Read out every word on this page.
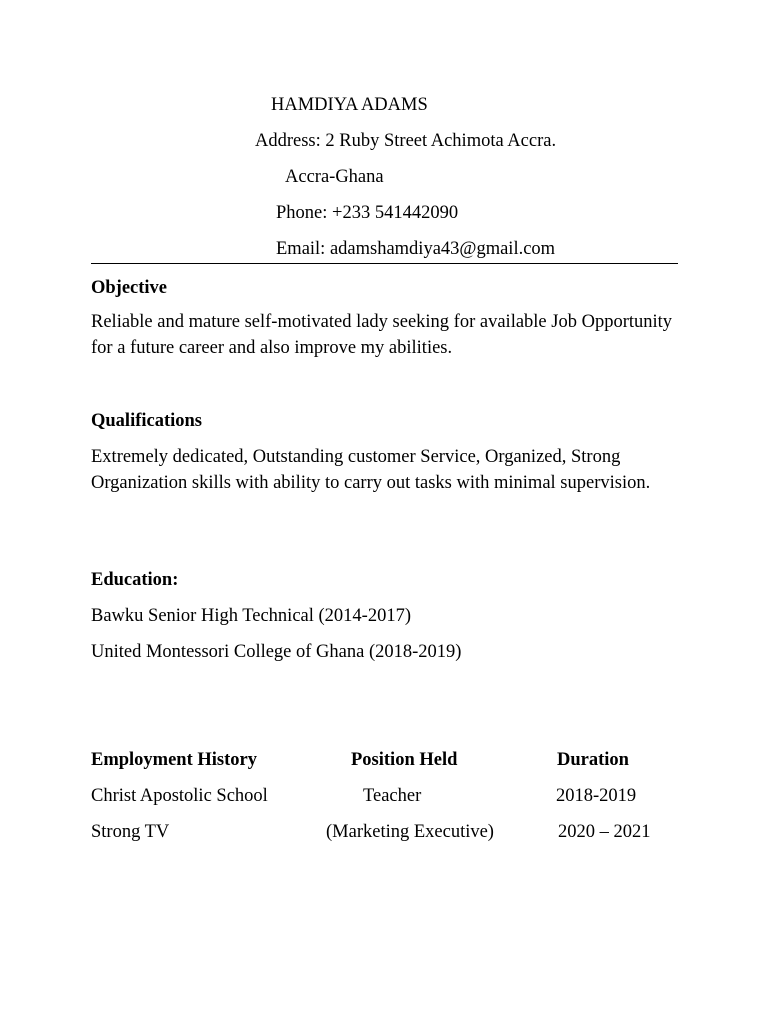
HAMDIYA ADAMS
Address: 2 Ruby Street Achimota Accra.
Accra-Ghana
Phone: +233 541442090
Email: adamshamdiya43@gmail.com
Objective
Reliable and mature self-motivated lady seeking for available Job Opportunity for a future career and also improve my abilities.
Qualifications
Extremely dedicated, Outstanding customer Service, Organized, Strong Organization skills with ability to carry out tasks with minimal supervision.
Education:
Bawku Senior High Technical (2014-2017)
United Montessori College of Ghana (2018-2019)
Employment History	Position Held	Duration
Christ Apostolic School	Teacher	2018-2019
Strong TV	(Marketing Executive)	2020 – 2021
